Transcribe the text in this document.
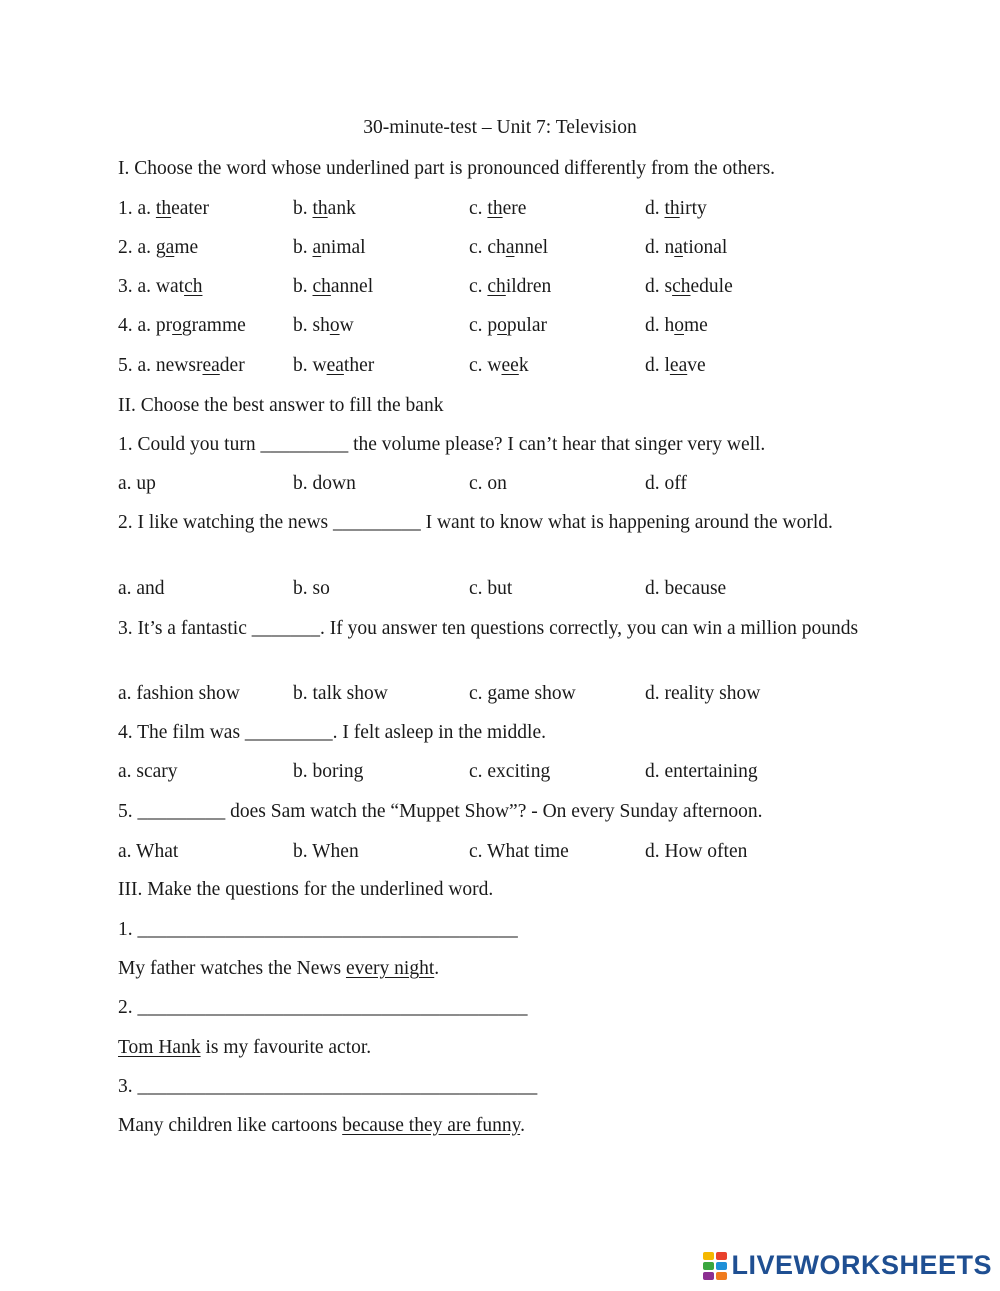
30-minute-test – Unit 7: Television
I. Choose the word whose underlined part is pronounced differently from the others.
1. a. theater	b. thank	c. there	d. thirty
2. a. game	b. animal	c. channel	d. national
3. a. watch	b. channel	c. children	d. schedule
4. a. programme b. show	c. popular	d. home
5. a. newsreader b. weather	c. week	d. leave
II. Choose the best answer to fill the bank
1. Could you turn _________ the volume please? I can’t hear that singer very well.
a. up	b. down	c. on	d. off
2. I like watching the news _________ I want to know what is happening around the world.
a. and	b. so	c. but	d. because
3. It’s a fantastic _______. If you answer ten questions correctly, you can win a million pounds
a. fashion show	b. talk show	c. game show	d. reality show
4. The film was _________. I felt asleep in the middle.
a. scary	b. boring	c. exciting	d. entertaining
5. _________ does Sam watch the “Muppet Show”? - On every Sunday afternoon.
a. What	b. When	c. What time	d. How often
III. Make the questions for the underlined word.
1. _______________________________________
My father watches the News every night.
2. ________________________________________
Tom Hank is my favourite actor.
3. _________________________________________
Many children like cartoons because they are funny.
LIVEWORKSHEETS
